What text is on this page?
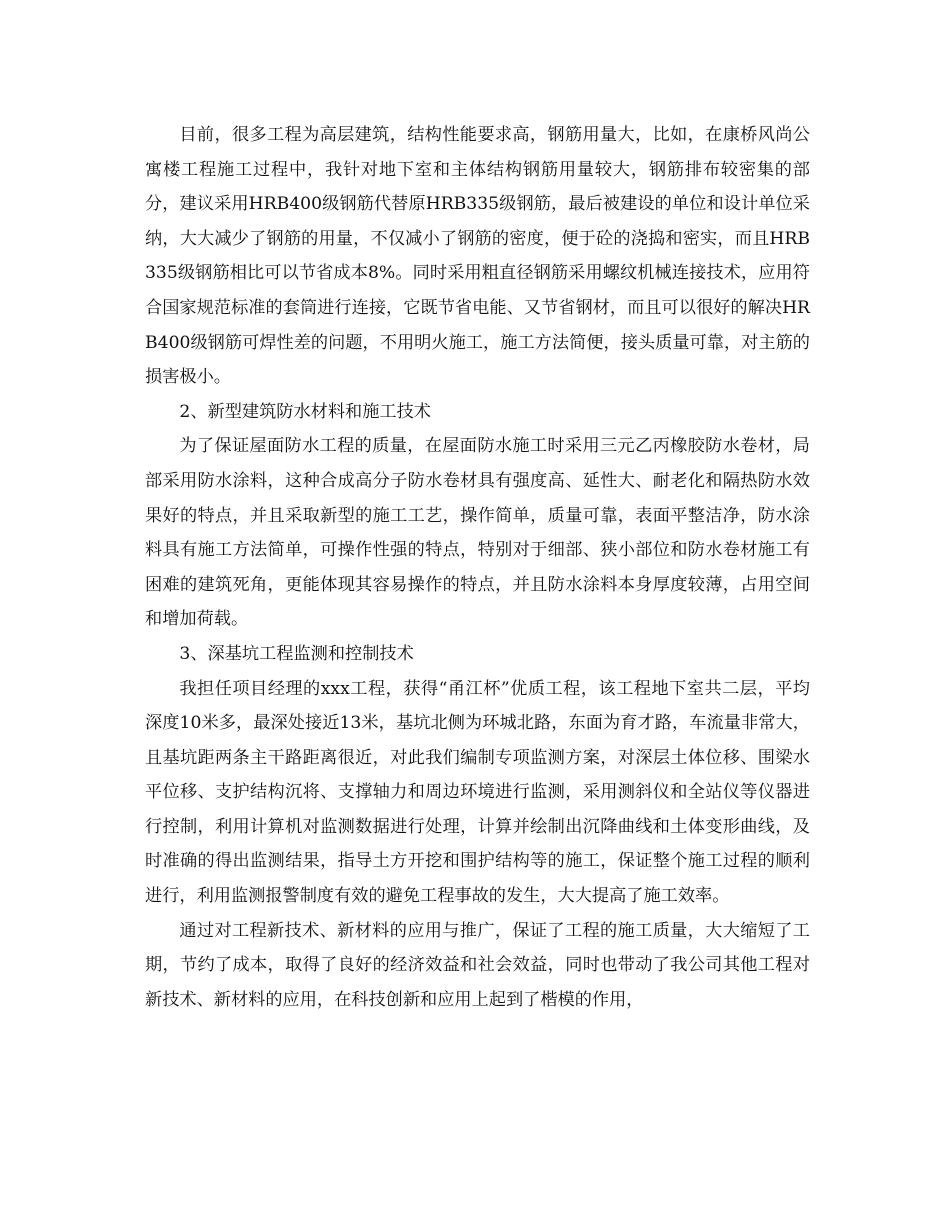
目前，很多工程为高层建筑，结构性能要求高，钢筋用量大，比如，在康桥风尚公寓楼工程施工过程中，我针对地下室和主体结构钢筋用量较大，钢筋排布较密集的部分，建议采用HRB400级钢筋代替原HRB335级钢筋，最后被建设的单位和设计单位采纳，大大减少了钢筋的用量，不仅减小了钢筋的密度，便于砼的浇捣和密实，而且HRB335级钢筋相比可以节省成本8%。同时采用粗直径钢筋采用螺纹机械连接技术，应用符合国家规范标准的套筒进行连接，它既节省电能、又节省钢材，而且可以很好的解决HRB400级钢筋可焊性差的问题，不用明火施工，施工方法简便，接头质量可靠，对主筋的损害极小。

2、新型建筑防水材料和施工技术

为了保证屋面防水工程的质量，在屋面防水施工时采用三元乙丙橡胶防水卷材，局部采用防水涂料，这种合成高分子防水卷材具有强度高、延性大、耐老化和隔热防水效果好的特点，并且采取新型的施工工艺，操作简单，质量可靠，表面平整洁净，防水涂料具有施工方法简单，可操作性强的特点，特别对于细部、狭小部位和防水卷材施工有困难的建筑死角，更能体现其容易操作的特点，并且防水涂料本身厚度较薄，占用空间和增加荷载。

3、深基坑工程监测和控制技术

我担任项目经理的xxx工程，获得“甬江杯”优质工程，该工程地下室共二层，平均深度10米多，最深处接近13米，基坑北侧为环城北路，东面为育才路，车流量非常大，且基坑距两条主干路距离很近，对此我们编制专项监测方案，对深层土体位移、围梁水平位移、支护结构沉将、支撑轴力和周边环境进行监测，采用测斜仪和全站仪等仪器进行控制，利用计算机对监测数据进行处理，计算并绘制出沉降曲线和土体变形曲线，及时准确的得出监测结果，指导土方开挖和围护结构等的施工，保证整个施工过程的顺利进行，利用监测报警制度有效的避免工程事故的发生，大大提高了施工效率。

通过对工程新技术、新材料的应用与推广，保证了工程的施工质量，大大缩短了工期，节约了成本，取得了良好的经济效益和社会效益，同时也带动了我公司其他工程对新技术、新材料的应用，在科技创新和应用上起到了楷模的作用，
